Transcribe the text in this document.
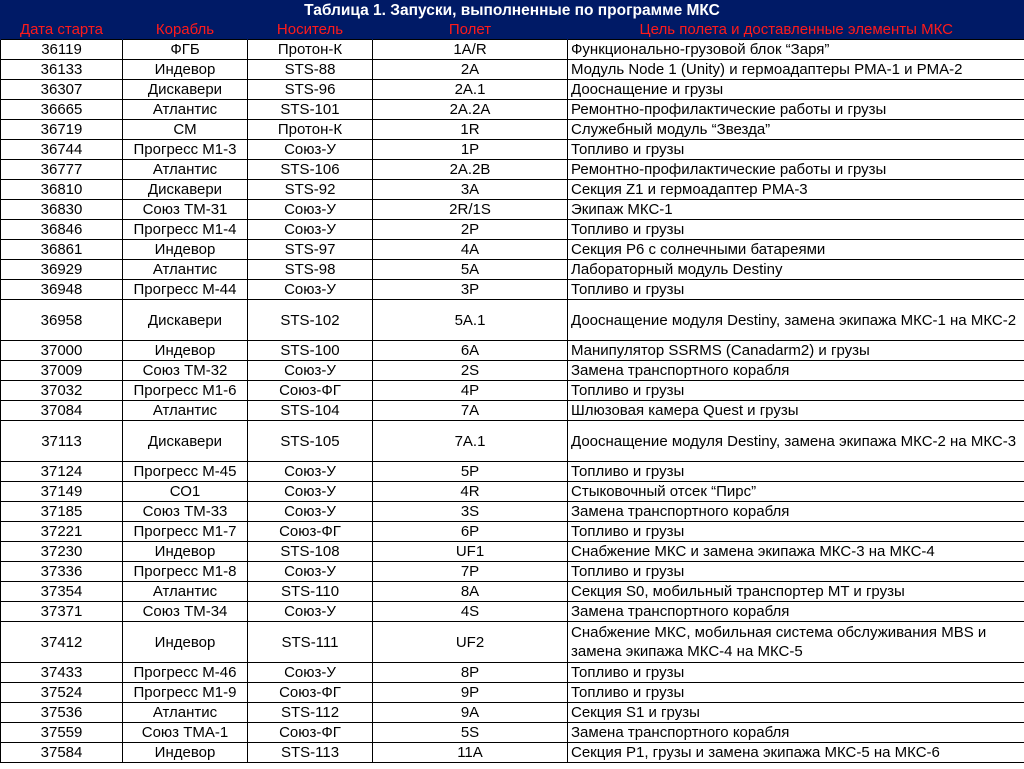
Таблица 1. Запуски, выполненные по программе МКС
Дата старта	Корабль	Носитель	Полет	Цель полета и доставленные элементы МКС
36119	ФГБ	Протон-К	1A/R	Функционально-грузовой блок “Заря”
36133	Индевор	STS-88	2A	Модуль Node 1 (Unity) и гермоадаптеры PMA-1 и PMA-2
36307	Дискавери	STS-96	2A.1	Дооснащение и грузы
36665	Атлантис	STS-101	2A.2A	Ремонтно-профилактические работы и грузы
36719	СМ	Протон-К	1R	Служебный модуль “Звезда”
36744	Прогресс М1-3	Союз-У	1P	Топливо и грузы
36777	Атлантис	STS-106	2A.2B	Ремонтно-профилактические работы и грузы
36810	Дискавери	STS-92	3A	Секция Z1 и гермоадаптер PMA-3
36830	Союз ТМ-31	Союз-У	2R/1S	Экипаж МКС-1
36846	Прогресс М1-4	Союз-У	2P	Топливо и грузы
36861	Индевор	STS-97	4A	Секция P6 с солнечными батареями
36929	Атлантис	STS-98	5A	Лабораторный модуль Destiny
36948	Прогресс М-44	Союз-У	3P	Топливо и грузы
36958	Дискавери	STS-102	5A.1	Дооснащение модуля Destiny, замена экипажа МКС-1 на МКС-2
37000	Индевор	STS-100	6A	Манипулятор SSRMS (Canadarm2) и грузы
37009	Союз ТМ-32	Союз-У	2S	Замена транспортного корабля
37032	Прогресс М1-6	Союз-ФГ	4P	Топливо и грузы
37084	Атлантис	STS-104	7A	Шлюзовая камера Quest и грузы
37113	Дискавери	STS-105	7A.1	Дооснащение модуля Destiny, замена экипажа МКС-2 на МКС-3
37124	Прогресс М-45	Союз-У	5P	Топливо и грузы
37149	СО1	Союз-У	4R	Стыковочный отсек “Пирс”
37185	Союз ТМ-33	Союз-У	3S	Замена транспортного корабля
37221	Прогресс М1-7	Союз-ФГ	6P	Топливо и грузы
37230	Индевор	STS-108	UF1	Снабжение МКС и замена экипажа МКС-3 на МКС-4
37336	Прогресс М1-8	Союз-У	7P	Топливо и грузы
37354	Атлантис	STS-110	8A	Секция S0, мобильный транспортер MT и грузы
37371	Союз ТМ-34	Союз-У	4S	Замена транспортного корабля
37412	Индевор	STS-111	UF2	Снабжение МКС, мобильная система обслуживания MBS и замена экипажа МКС-4 на МКС-5
37433	Прогресс М-46	Союз-У	8P	Топливо и грузы
37524	Прогресс М1-9	Союз-ФГ	9P	Топливо и грузы
37536	Атлантис	STS-112	9A	Секция S1 и грузы
37559	Союз ТМА-1	Союз-ФГ	5S	Замена транспортного корабля
37584	Индевор	STS-113	11A	Секция P1, грузы и замена экипажа МКС-5 на МКС-6
